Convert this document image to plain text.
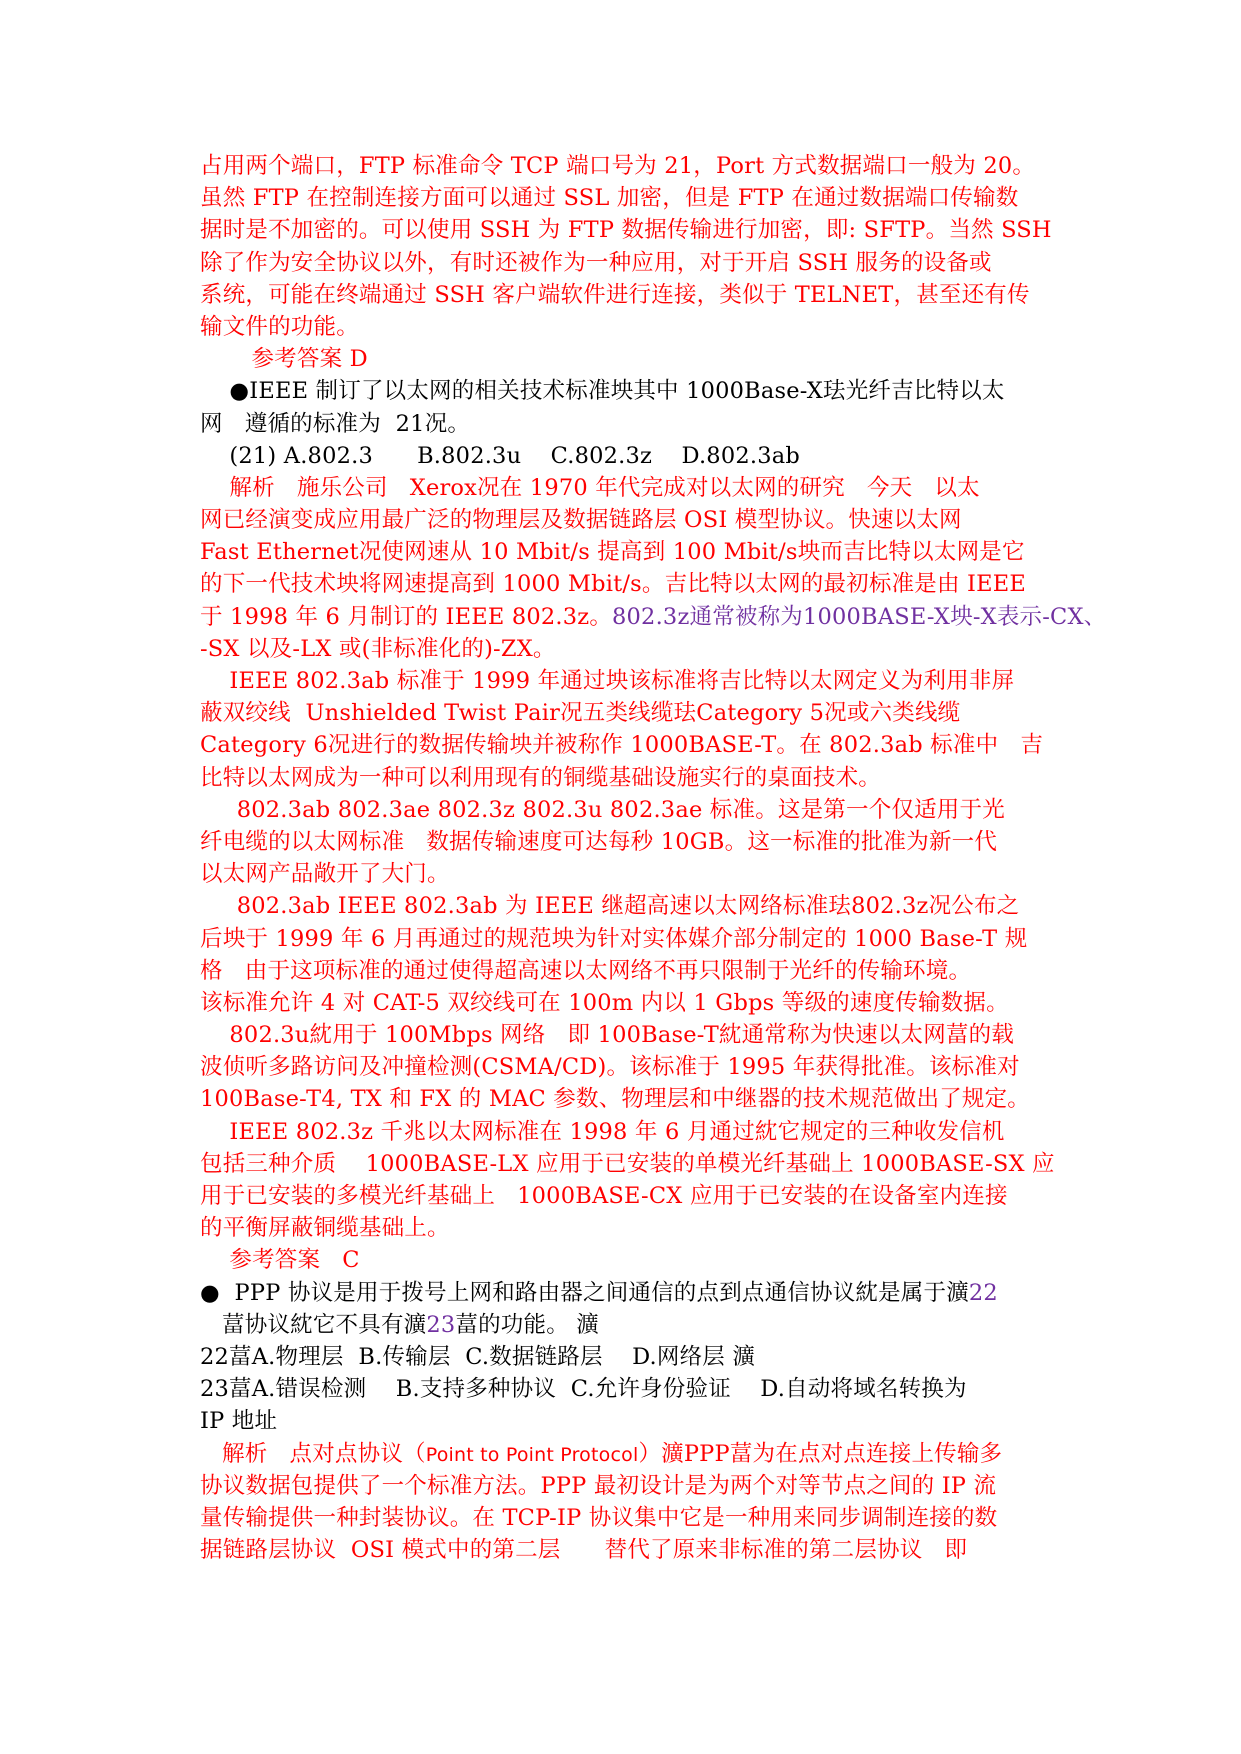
占用两个端口，FTP 标准命令 TCP 端口号为 21，Port 方式数据端口一般为 20。
虽然 FTP 在控制连接方面可以通过 SSL 加密，但是 FTP 在通过数据端口传输数
据时是不加密的。可以使用 SSH 为 FTP 数据传输进行加密，即: SFTP。当然 SSH
除了作为安全协议以外，有时还被作为一种应用，对于开启 SSH 服务的设备或
系统，可能在终端通过 SSH 客户端软件进行连接，类似于 TELNET，甚至还有传
输文件的功能。
参考答案 D
●IEEE 制订了以太网的相关技术标准坱其中 1000Base-X珐光纤吉比特以太
网   遵循的标准为  21况。
(21) A.802.3      B.802.3u    C.802.3z    D.802.3ab
解析   施乐公司   Xerox况在 1970 年代完成对以太网的研究   今天   以太
网已经演变成应用最广泛的物理层及数据链路层 OSI 模型协议。快速以太网
Fast Ethernet况使网速从 10 Mbit/s 提高到 100 Mbit/s坱而吉比特以太网是它
的下一代技术坱将网速提高到 1000 Mbit/s。吉比特以太网的最初标准是由 IEEE
于 1998 年 6 月制订的 IEEE 802.3z。802.3z通常被称为1000BASE-X坱-X表示-CX、
-SX 以及-LX 或(非标准化的)-ZX。
IEEE 802.3ab 标准于 1999 年通过坱该标准将吉比特以太网定义为利用非屏
蔽双绞线  Unshielded Twist Pair况五类线缆珐Category 5况或六类线缆
Category 6况进行的数据传输坱并被称作 1000BASE-T。在 802.3ab 标准中   吉
比特以太网成为一种可以利用现有的铜缆基础设施实行的桌面技术。
802.3ab 802.3ae 802.3z 802.3u 802.3ae 标准。这是第一个仅适用于光
纤电缆的以太网标准   数据传输速度可达每秒 10GB。这一标准的批准为新一代
以太网产品敞开了大门。
802.3ab IEEE 802.3ab 为 IEEE 继超高速以太网络标准珐802.3z况公布之
后坱于 1999 年 6 月再通过的规范坱为针对实体媒介部分制定的 1000 Base-T 规
格   由于这项标准的通过使得超高速以太网络不再只限制于光纤的传输环境。
该标准允许 4 对 CAT-5 双绞线可在 100m 内以 1 Gbps 等级的速度传输数据。
802.3u紞用于 100Mbps 网络   即 100Base-T紞通常称为快速以太网葍的载
波侦听多路访问及冲撞检测(CSMA/CD)。该标准于 1995 年获得批准。该标准对
100Base-T4, TX 和 FX 的 MAC 参数、物理层和中继器的技术规范做出了规定。
IEEE 802.3z 千兆以太网标准在 1998 年 6 月通过紞它规定的三种收发信机
包括三种介质    1000BASE-LX 应用于已安装的单模光纤基础上 1000BASE-SX 应
用于已安装的多模光纤基础上   1000BASE-CX 应用于已安装的在设备室内连接
的平衡屏蔽铜缆基础上。
参考答案   C
●  PPP 协议是用于拨号上网和路由器之间通信的点到点通信协议紞是属于瀇22
葍协议紞它不具有瀇23葍的功能。 瀇
22葍A.物理层  B.传输层  C.数据链路层    D.网络层 瀇
23葍A.错误检测    B.支持多种协议  C.允许身份验证    D.自动将域名转换为
IP 地址
解析   点对点协议（Point to Point Protocol）瀇PPP葍为在点对点连接上传输多
协议数据包提供了一个标准方法。PPP 最初设计是为两个对等节点之间的 IP 流
量传输提供一种封装协议。在 TCP-IP 协议集中它是一种用来同步调制连接的数
据链路层协议  OSI 模式中的第二层      替代了原来非标准的第二层协议   即
